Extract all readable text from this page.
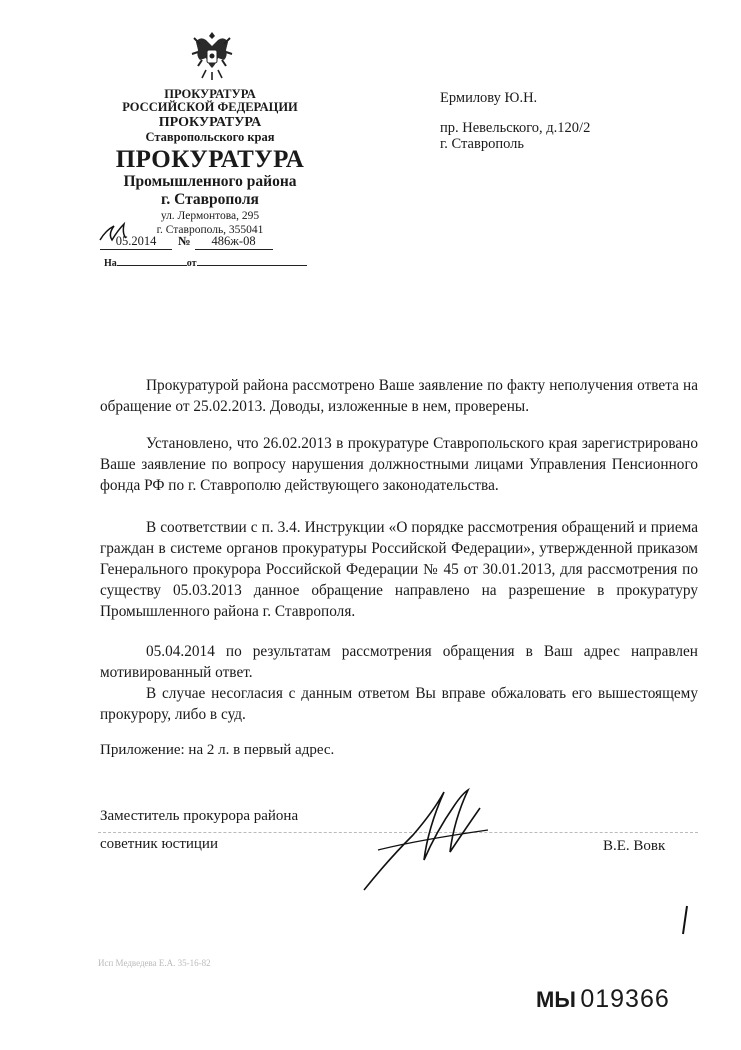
ПРОКУРАТУРА
РОССИЙСКОЙ ФЕДЕРАЦИИ
ПРОКУРАТУРА
Ставропольского края
ПРОКУРАТУРА
Промышленного района
г. Ставрополя
ул. Лермонтова, 295
г. Ставрополь, 355041
05.2014 № 486ж-08
На	от
Ермилову Ю.Н.
пр. Невельского, д.120/2
г. Ставрополь

Прокуратурой района рассмотрено Ваше заявление по факту неполучения ответа на обращение от 25.02.2013. Доводы, изложенные в нем, проверены.

Установлено, что 26.02.2013 в прокуратуре Ставропольского края зарегистрировано Ваше заявление по вопросу нарушения должностными лицами Управления Пенсионного фонда РФ по г. Ставрополю действующего законодательства.

В соответствии с п. 3.4. Инструкции «О порядке рассмотрения обращений и приема граждан в системе органов прокуратуры Российской Федерации», утвержденной приказом Генерального прокурора Российской Федерации № 45 от 30.01.2013, для рассмотрения по существу 05.03.2013 данное обращение направлено на разрешение в прокуратуру Промышленного района г. Ставрополя.

05.04.2014 по результатам рассмотрения обращения в Ваш адрес направлен мотивированный ответ.

В случае несогласия с данным ответом Вы вправе обжаловать его вышестоящему прокурору, либо в суд.

Приложение: на 2 л. в первый адрес.
Заместитель прокурора района
советник юстиции	В.Е. Вовк
Исп Медведева Е.А. 35-16-82
МЫ 019366
